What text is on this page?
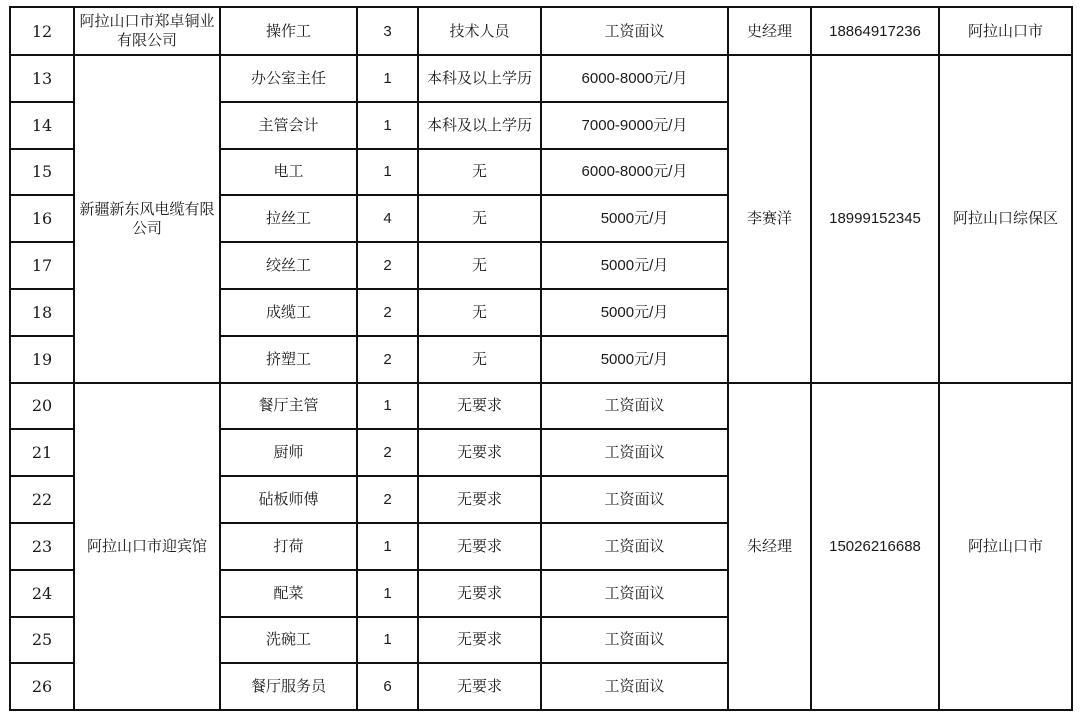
12	阿拉山口市郑卓铜业有限公司	操作工	3	技术人员	工资面议	史经理	18864917236	阿拉山口市
13	新疆新东风电缆有限公司	办公室主任	1	本科及以上学历	6000-8000元/月	李赛洋	18999152345	阿拉山口综保区
14		主管会计	1	本科及以上学历	7000-9000元/月			
15		电工	1	无	6000-8000元/月			
16		拉丝工	4	无	5000元/月			
17		绞丝工	2	无	5000元/月			
18		成缆工	2	无	5000元/月			
19		挤塑工	2	无	5000元/月			
20	阿拉山口市迎宾馆	餐厅主管	1	无要求	工资面议	朱经理	15026216688	阿拉山口市
21		厨师	2	无要求	工资面议			
22		砧板师傅	2	无要求	工资面议			
23		打荷	1	无要求	工资面议			
24		配菜	1	无要求	工资面议			
25		洗碗工	1	无要求	工资面议			
26		餐厅服务员	6	无要求	工资面议			
